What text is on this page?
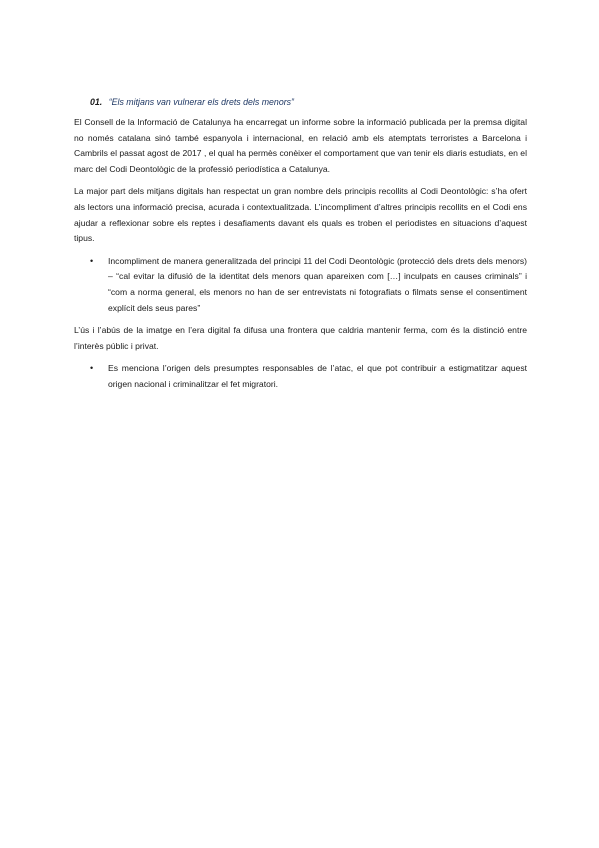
01. “Els mitjans van vulnerar els drets dels menors”

El Consell de la Informació de Catalunya ha encarregat un informe sobre la informació publicada per la premsa digital no només catalana sinó també espanyola i internacional, en relació amb els atemptats terroristes a Barcelona i Cambrils el passat agost de 2017 , el qual ha permès conèixer el comportament que van tenir els diaris estudiats, en el marc del Codi Deontològic de la professió periodística a Catalunya.

La major part dels mitjans digitals han respectat un gran nombre dels principis recollits al Codi Deontològic: s’ha ofert als lectors una informació precisa, acurada i contextualitzada. L’incompliment d’altres principis recollits en el Codi ens ajudar a reflexionar sobre els reptes i desafiaments davant els quals es troben el periodistes en situacions d’aquest tipus.

• Incompliment de manera generalitzada del principi 11 del Codi Deontològic (protecció dels drets dels menors) – “cal evitar la difusió de la identitat dels menors quan apareixen com […] inculpats en causes criminals” i “com a norma general, els menors no han de ser entrevistats ni fotografiats o filmats sense el consentiment explícit dels seus pares”

L’ús i l’abús de la imatge en l’era digital fa difusa una frontera que caldria mantenir ferma, com és la distinció entre l’interès públic i privat.

• Es menciona l’origen dels presumptes responsables de l’atac, el que pot contribuir a estigmatitzar aquest origen nacional i criminalitzar el fet migratori.
